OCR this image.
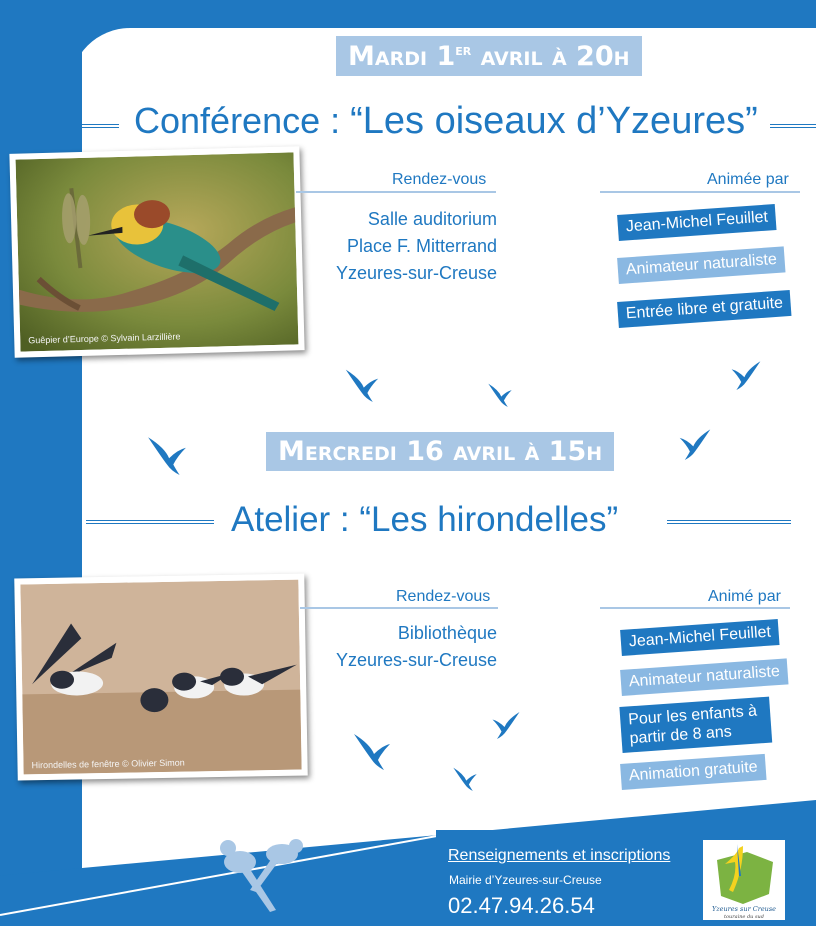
Mardi 1er avril à 20h
Conférence : “Les oiseaux d’Yzeures”
Guêpier d’Europe © Sylvain Larzillière
Rendez-vous
Salle auditorium
Place F. Mitterrand
Yzeures-sur-Creuse
Animée par
Jean-Michel Feuillet
Animateur naturaliste
Entrée libre et gratuite
Mercredi 16 avril à 15h
Atelier : “Les hirondelles”
Hirondelles de fenêtre © Olivier Simon
Rendez-vous
Bibliothèque
Yzeures-sur-Creuse
Animé par
Jean-Michel Feuillet
Animateur naturaliste
Pour les enfants à partir de 8 ans
Animation gratuite
Renseignements et inscriptions
Mairie d’Yzeures-sur-Creuse
02.47.94.26.54	Yzeures sur Creuse
touraine du sud
